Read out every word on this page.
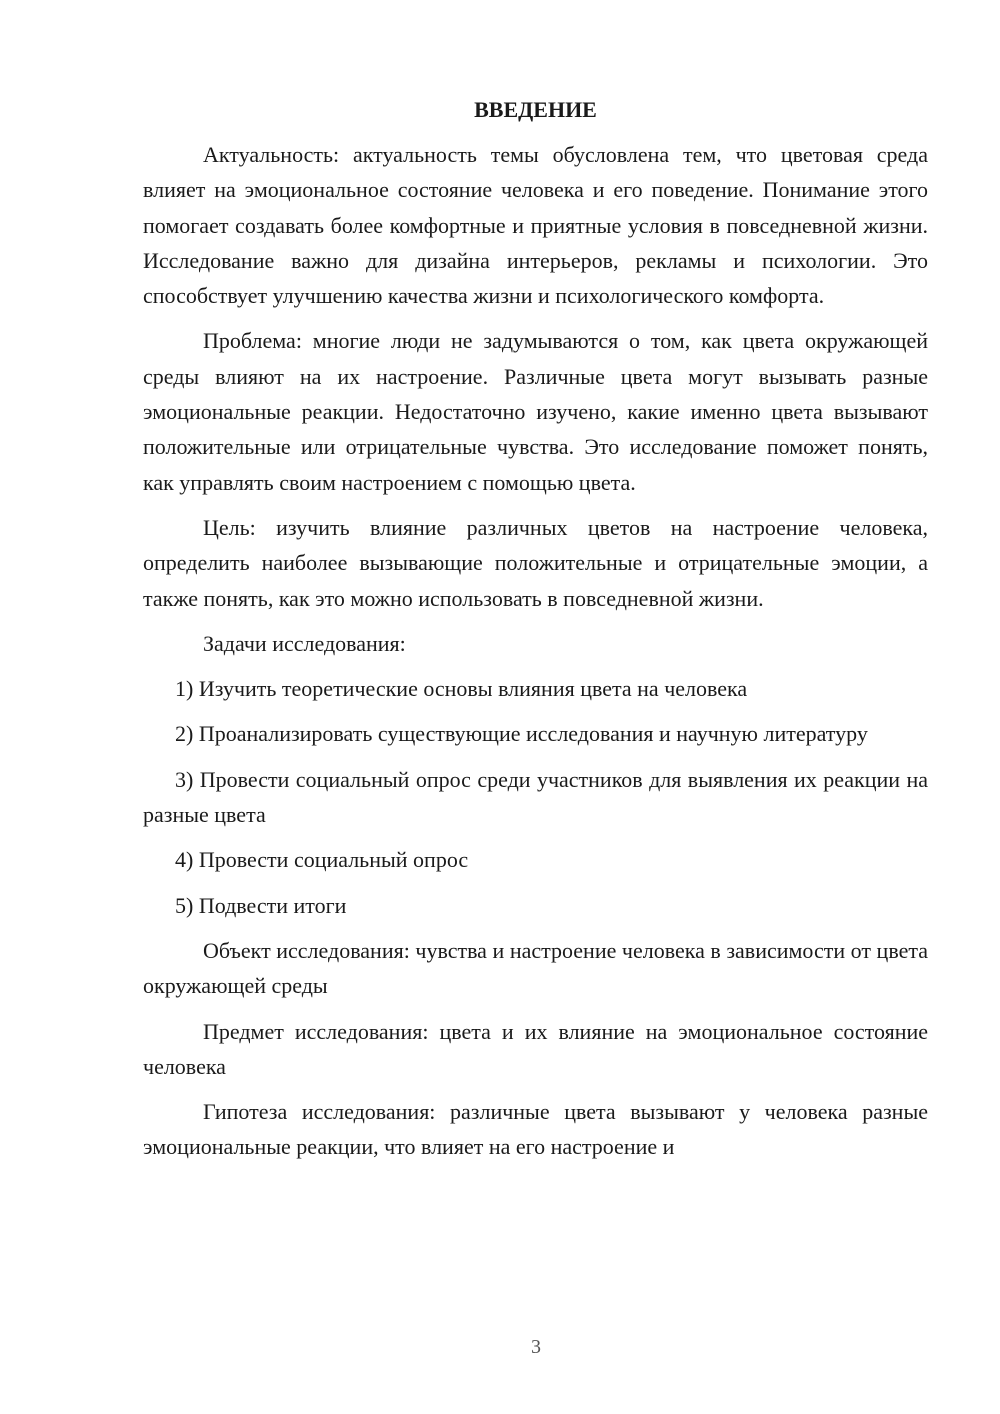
ВВЕДЕНИЕ

Актуальность: актуальность темы обусловлена тем, что цветовая среда влияет на эмоциональное состояние человека и его поведение. Понимание этого помогает создавать более комфортные и приятные условия в повседневной жизни. Исследование важно для дизайна интерьеров, рекламы и психологии. Это способствует улучшению качества жизни и психологического комфорта.

Проблема: многие люди не задумываются о том, как цвета окружающей среды влияют на их настроение. Различные цвета могут вызывать разные эмоциональные реакции. Недостаточно изучено, какие именно цвета вызывают положительные или отрицательные чувства. Это исследование поможет понять, как управлять своим настроением с помощью цвета.

Цель: изучить влияние различных цветов на настроение человека, определить наиболее вызывающие положительные и отрицательные эмоции, а также понять, как это можно использовать в повседневной жизни.

Задачи исследования:

1) Изучить теоретические основы влияния цвета на человека

2) Проанализировать существующие исследования и научную литературу

3) Провести социальный опрос среди участников для выявления их реакции на разные цвета

4) Провести социальный опрос

5) Подвести итоги

Объект исследования: чувства и настроение человека в зависимости от цвета окружающей среды

Предмет исследования: цвета и их влияние на эмоциональное состояние человека

Гипотеза исследования: различные цвета вызывают у человека разные эмоциональные реакции, что влияет на его настроение и

3
